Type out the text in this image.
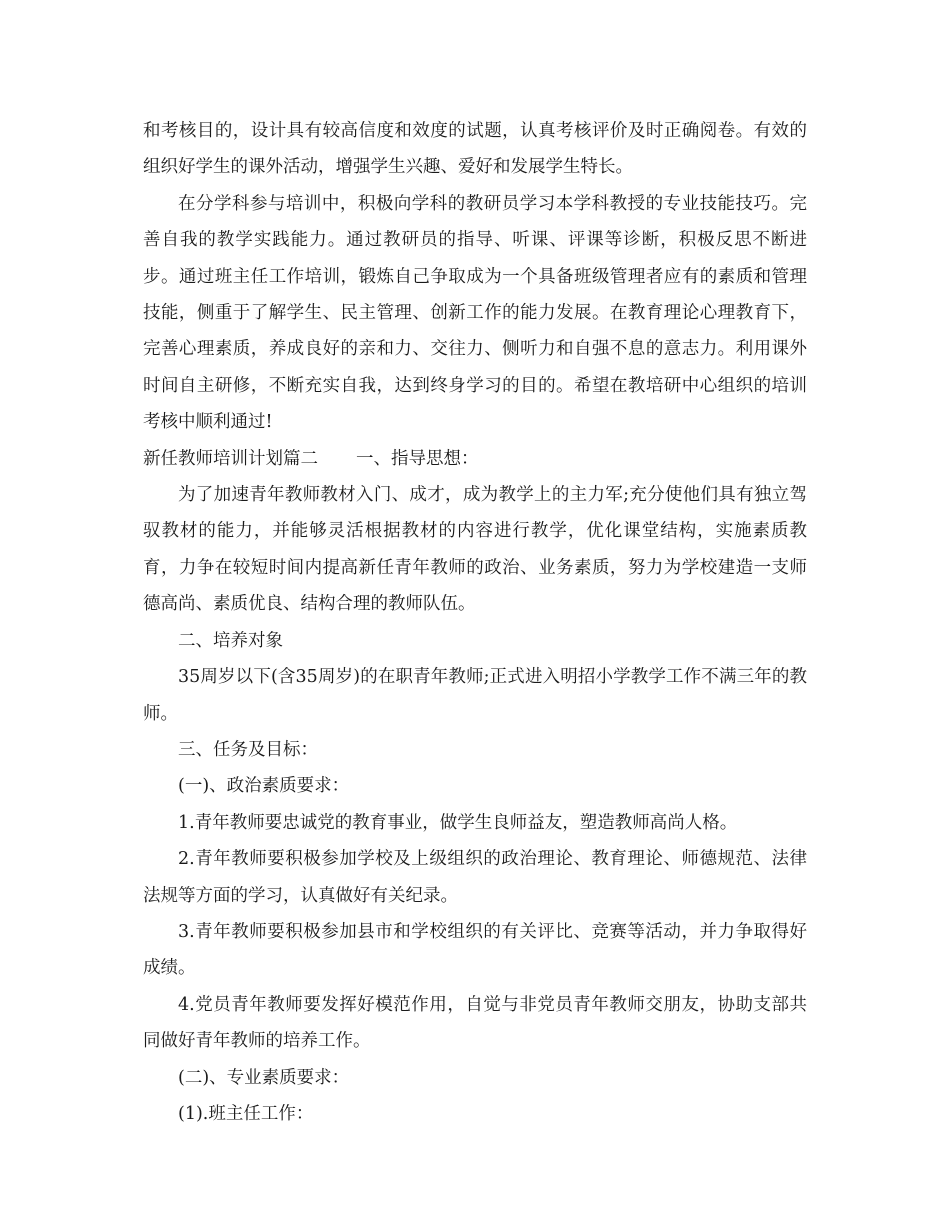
和考核目的，设计具有较高信度和效度的试题，认真考核评价及时正确阅卷。有效的组织好学生的课外活动，增强学生兴趣、爱好和发展学生特长。

在分学科参与培训中，积极向学科的教研员学习本学科教授的专业技能技巧。完善自我的教学实践能力。通过教研员的指导、听课、评课等诊断，积极反思不断进步。通过班主任工作培训，锻炼自己争取成为一个具备班级管理者应有的素质和管理技能，侧重于了解学生、民主管理、创新工作的能力发展。在教育理论心理教育下，完善心理素质，养成良好的亲和力、交往力、侧听力和自强不息的意志力。利用课外时间自主研修，不断充实自我，达到终身学习的目的。希望在教培研中心组织的培训考核中顺利通过!

新任教师培训计划篇二 一、指导思想：

为了加速青年教师教材入门、成才，成为教学上的主力军;充分使他们具有独立驾驭教材的能力，并能够灵活根据教材的内容进行教学，优化课堂结构，实施素质教育，力争在较短时间内提高新任青年教师的政治、业务素质，努力为学校建造一支师德高尚、素质优良、结构合理的教师队伍。

二、培养对象

35周岁以下(含35周岁)的在职青年教师;正式进入明招小学教学工作不满三年的教师。

三、任务及目标：

(一)、政治素质要求：

1.青年教师要忠诚党的教育事业，做学生良师益友，塑造教师高尚人格。

2.青年教师要积极参加学校及上级组织的政治理论、教育理论、师德规范、法律法规等方面的学习，认真做好有关纪录。

3.青年教师要积极参加县市和学校组织的有关评比、竞赛等活动，并力争取得好成绩。

4.党员青年教师要发挥好模范作用，自觉与非党员青年教师交朋友，协助支部共同做好青年教师的培养工作。

(二)、专业素质要求：

(1).班主任工作：
